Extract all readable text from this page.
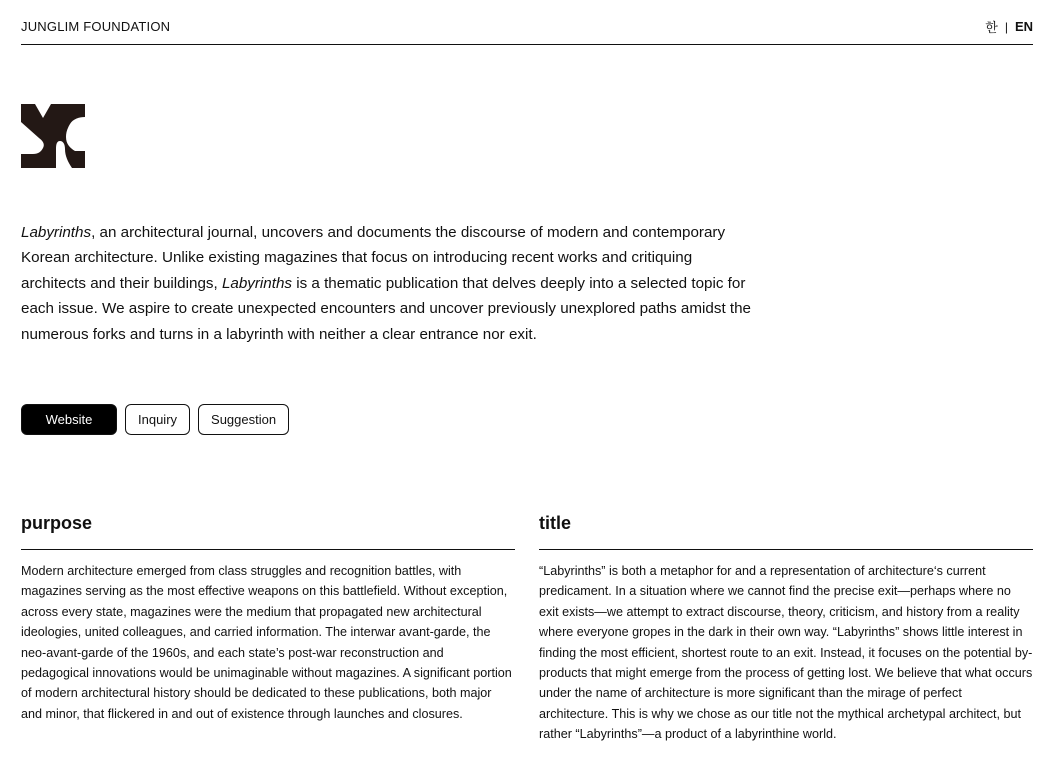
JUNGLIM FOUNDATION	한 | EN

Labyrinths, an architectural journal, uncovers and documents the discourse of modern and contemporary Korean architecture. Unlike existing magazines that focus on introducing recent works and critiquing architects and their buildings, Labyrinths is a thematic publication that delves deeply into a selected topic for each issue. We aspire to create unexpected encounters and uncover previously unexplored paths amidst the numerous forks and turns in a labyrinth with neither a clear entrance nor exit.

Website	Inquiry	Suggestion
purpose

Modern architecture emerged from class struggles and recognition battles, with magazines serving as the most effective weapons on this battlefield. Without exception, across every state, magazines were the medium that propagated new architectural ideologies, united colleagues, and carried information. The interwar avant-garde, the neo-avant-garde of the 1960s, and each state’s post-war reconstruction and pedagogical innovations would be unimaginable without magazines. A significant portion of modern architectural history should be dedicated to these publications, both major and minor, that flickered in and out of existence through launches and closures.

title

“Labyrinths” is both a metaphor for and a representation of architecture‘s current predicament. In a situation where we cannot find the precise exit—perhaps where no exit exists—we attempt to extract discourse, theory, criticism, and history from a reality where everyone gropes in the dark in their own way. “Labyrinths” shows little interest in finding the most efficient, shortest route to an exit. Instead, it focuses on the potential by-products that might emerge from the process of getting lost. We believe that what occurs under the name of architecture is more significant than the mirage of perfect architecture. This is why we chose as our title not the mythical archetypal architect, but rather “Labyrinths”—a product of a labyrinthine world.
